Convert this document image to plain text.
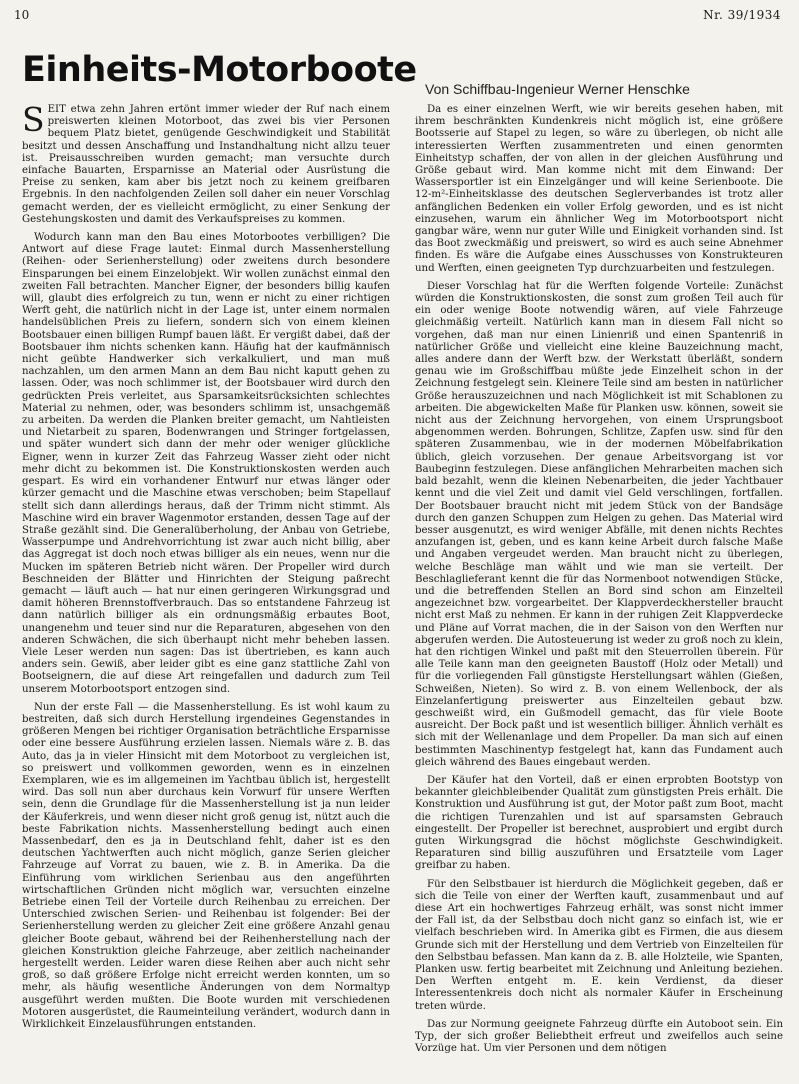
10	Nr. 39/1934
Einheits-Motorboote Von Schiffbau-Ingenieur Werner Henschke

SEIT etwa zehn Jahren ertönt immer wieder der Ruf nach einem preiswerten kleinen Motorboot, das zwei bis vier Personen bequem Platz bietet, genügende Geschwindigkeit und Stabilität besitzt und dessen Anschaffung und Instandhaltung nicht allzu teuer ist. Preisausschreiben wurden gemacht; man versuchte durch einfache Bauarten, Ersparnisse an Material oder Ausrüstung die Preise zu senken, kam aber bis jetzt noch zu keinem greifbaren Ergebnis. In den nachfolgenden Zeilen soll daher ein neuer Vorschlag gemacht werden, der es vielleicht ermöglicht, zu einer Senkung der Gestehungskosten und damit des Verkaufspreises zu kommen.

Wodurch kann man den Bau eines Motorbootes verbilligen? Die Antwort auf diese Frage lautet: Einmal durch Massenherstellung (Reihen- oder Serienherstellung) oder zweitens durch besondere Einsparungen bei einem Einzelobjekt. Wir wollen zunächst einmal den zweiten Fall betrachten. Mancher Eigner, der besonders billig kaufen will, glaubt dies erfolgreich zu tun, wenn er nicht zu einer richtigen Werft geht, die natürlich nicht in der Lage ist, unter einem normalen handelsüblichen Preis zu liefern, sondern sich von einem kleinen Bootsbauer einen billigen Rumpf bauen läßt. Er vergißt dabei, daß der Bootsbauer ihm nichts schenken kann. Häufig hat der kaufmännisch nicht geübte Handwerker sich verkalkuliert, und man muß nachzahlen, um den armen Mann an dem Bau nicht kaputt gehen zu lassen. Oder, was noch schlimmer ist, der Bootsbauer wird durch den gedrückten Preis verleitet, aus Sparsamkeitsrücksichten schlechtes Material zu nehmen, oder, was besonders schlimm ist, unsachgemäß zu arbeiten. Da werden die Planken breiter gemacht, um Nahtleisten und Nietarbeit zu sparen, Bodenwrangen und Stringer fortgelassen, und später wundert sich dann der mehr oder weniger glückliche Eigner, wenn in kurzer Zeit das Fahrzeug Wasser zieht oder nicht mehr dicht zu bekommen ist. Die Konstruktionskosten werden auch gespart. Es wird ein vorhandener Entwurf nur etwas länger oder kürzer gemacht und die Maschine etwas verschoben; beim Stapellauf stellt sich dann allerdings heraus, daß der Trimm nicht stimmt. Als Maschine wird ein braver Wagenmotor erstanden, dessen Tage auf der Straße gezählt sind. Die Generalüberholung, der Anbau von Getriebe, Wasserpumpe und Andrehvorrichtung ist zwar auch nicht billig, aber das Aggregat ist doch noch etwas billiger als ein neues, wenn nur die Mucken im späteren Betrieb nicht wären. Der Propeller wird durch Beschneiden der Blätter und Hinrichten der Steigung paßrecht gemacht — läuft auch — hat nur einen geringeren Wirkungsgrad und damit höheren Brennstoffverbrauch. Das so entstandene Fahrzeug ist dann natürlich billiger als ein ordnungsmäßig erbautes Boot, unangenehm und teuer sind nur die Reparaturen, abgesehen von den anderen Schwächen, die sich überhaupt nicht mehr beheben lassen. Viele Leser werden nun sagen: Das ist übertrieben, es kann auch anders sein. Gewiß, aber leider gibt es eine ganz stattliche Zahl von Bootseignern, die auf diese Art reingefallen und dadurch zum Teil unserem Motorbootsport entzogen sind.

Nun der erste Fall — die Massenherstellung. Es ist wohl kaum zu bestreiten, daß sich durch Herstellung irgendeines Gegenstandes in größeren Mengen bei richtiger Organisation beträchtliche Ersparnisse oder eine bessere Ausführung erzielen lassen. Niemals wäre z. B. das Auto, das ja in vieler Hinsicht mit dem Motorboot zu vergleichen ist, so preiswert und vollkommen geworden, wenn es in einzelnen Exemplaren, wie es im allgemeinen im Yachtbau üblich ist, hergestellt wird. Das soll nun aber durchaus kein Vorwurf für unsere Werften sein, denn die Grundlage für die Massenherstellung ist ja nun leider der Käuferkreis, und wenn dieser nicht groß genug ist, nützt auch die beste Fabrikation nichts. Massenherstellung bedingt auch einen Massenbedarf, den es ja in Deutschland fehlt, daher ist es den deutschen Yachtwerften auch nicht möglich, ganze Serien gleicher Fahrzeuge auf Vorrat zu bauen, wie z. B. in Amerika. Da die Einführung vom wirklichen Serienbau aus den angeführten wirtschaftlichen Gründen nicht möglich war, versuchten einzelne Betriebe einen Teil der Vorteile durch Reihenbau zu erreichen. Der Unterschied zwischen Serien- und Reihenbau ist folgender: Bei der Serienherstellung werden zu gleicher Zeit eine größere Anzahl genau gleicher Boote gebaut, während bei der Reihenherstellung nach der gleichen Konstruktion gleiche Fahrzeuge, aber zeitlich nacheinander hergestellt werden. Leider waren diese Reihen aber auch nicht sehr groß, so daß größere Erfolge nicht erreicht werden konnten, um so mehr, als häufig wesentliche Änderungen von dem Normaltyp ausgeführt werden mußten. Die Boote wurden mit verschiedenen Motoren ausgerüstet, die Raumeinteilung verändert, wodurch dann in Wirklichkeit Einzelausführungen entstanden.

Da es einer einzelnen Werft, wie wir bereits gesehen haben, mit ihrem beschränkten Kundenkreis nicht möglich ist, eine größere Bootsserie auf Stapel zu legen, so wäre zu überlegen, ob nicht alle interessierten Werften zusammentreten und einen genormten Einheitstyp schaffen, der von allen in der gleichen Ausführung und Größe gebaut wird. Man komme nicht mit dem Einwand: Der Wassersportler ist ein Einzelgänger und will keine Serienboote. Die 12-m²-Einheitsklasse des deutschen Seglerverbandes ist trotz aller anfänglichen Bedenken ein voller Erfolg geworden, und es ist nicht einzusehen, warum ein ähnlicher Weg im Motorbootsport nicht gangbar wäre, wenn nur guter Wille und Einigkeit vorhanden sind. Ist das Boot zweckmäßig und preiswert, so wird es auch seine Abnehmer finden. Es wäre die Aufgabe eines Ausschusses von Konstrukteuren und Werften, einen geeigneten Typ durchzuarbeiten und festzulegen.

Dieser Vorschlag hat für die Werften folgende Vorteile: Zunächst würden die Konstruktionskosten, die sonst zum großen Teil auch für ein oder wenige Boote notwendig wären, auf viele Fahrzeuge gleichmäßig verteilt. Natürlich kann man in diesem Fall nicht so vorgehen, daß man nur einen Linienriß und einen Spantenriß in natürlicher Größe und vielleicht eine kleine Bauzeichnung macht, alles andere dann der Werft bzw. der Werkstatt überläßt, sondern genau wie im Großschiffbau müßte jede Einzelheit schon in der Zeichnung festgelegt sein. Kleinere Teile sind am besten in natürlicher Größe herauszuzeichnen und nach Möglichkeit ist mit Schablonen zu arbeiten. Die abgewickelten Maße für Planken usw. können, soweit sie nicht aus der Zeichnung hervorgehen, von einem Ursprungsboot abgenommen werden. Bohrungen, Schlitze, Zapfen usw. sind für den späteren Zusammenbau, wie in der modernen Möbelfabrikation üblich, gleich vorzusehen. Der genaue Arbeitsvorgang ist vor Baubeginn festzulegen. Diese anfänglichen Mehrarbeiten machen sich bald bezahlt, wenn die kleinen Nebenarbeiten, die jeder Yachtbauer kennt und die viel Zeit und damit viel Geld verschlingen, fortfallen. Der Bootsbauer braucht nicht mit jedem Stück von der Bandsäge durch den ganzen Schuppen zum Helgen zu gehen. Das Material wird besser ausgenutzt, es wird weniger Abfälle, mit denen nichts Rechtes anzufangen ist, geben, und es kann keine Arbeit durch falsche Maße und Angaben vergeudet werden. Man braucht nicht zu überlegen, welche Beschläge man wählt und wie man sie verteilt. Der Beschlaglieferant kennt die für das Normenboot notwendigen Stücke, und die betreffenden Stellen an Bord sind schon am Einzelteil angezeichnet bzw. vorgearbeitet. Der Klappverdeckhersteller braucht nicht erst Maß zu nehmen. Er kann in der ruhigen Zeit Klappverdecke und Pläne auf Vorrat machen, die in der Saison von den Werften nur abgerufen werden. Die Autosteuerung ist weder zu groß noch zu klein, hat den richtigen Winkel und paßt mit den Steuerrollen überein. Für alle Teile kann man den geeigneten Baustoff (Holz oder Metall) und für die vorliegenden Fall günstigste Herstellungsart wählen (Gießen, Schweißen, Nieten). So wird z. B. von einem Wellenbock, der als Einzelanfertigung preiswerter aus Einzelteilen gebaut bzw. geschweißt wird, ein Gußmodell gemacht, das für viele Boote ausreicht. Der Bock paßt und ist wesentlich billiger. Ähnlich verhält es sich mit der Wellenanlage und dem Propeller. Da man sich auf einen bestimmten Maschinentyp festgelegt hat, kann das Fundament auch gleich während des Baues eingebaut werden.

Der Käufer hat den Vorteil, daß er einen erprobten Bootstyp von bekannter gleichbleibender Qualität zum günstigsten Preis erhält. Die Konstruktion und Ausführung ist gut, der Motor paßt zum Boot, macht die richtigen Turenzahlen und ist auf sparsamsten Gebrauch eingestellt. Der Propeller ist berechnet, ausprobiert und ergibt durch guten Wirkungsgrad die höchst möglichste Geschwindigkeit. Reparaturen sind billig auszuführen und Ersatzteile vom Lager greifbar zu haben.

Für den Selbstbauer ist hierdurch die Möglichkeit gegeben, daß er sich die Teile von einer der Werften kauft, zusammenbaut und auf diese Art ein hochwertiges Fahrzeug erhält, was sonst nicht immer der Fall ist, da der Selbstbau doch nicht ganz so einfach ist, wie er vielfach beschrieben wird. In Amerika gibt es Firmen, die aus diesem Grunde sich mit der Herstellung und dem Vertrieb von Einzelteilen für den Selbstbau befassen. Man kann da z. B. alle Holzteile, wie Spanten, Planken usw. fertig bearbeitet mit Zeichnung und Anleitung beziehen. Den Werften entgeht m. E. kein Verdienst, da dieser Interessentenkreis doch nicht als normaler Käufer in Erscheinung treten würde.

Das zur Normung geeignete Fahrzeug dürfte ein Autoboot sein. Ein Typ, der sich großer Beliebtheit erfreut und zweifellos auch seine Vorzüge hat. Um vier Personen und dem nötigen
